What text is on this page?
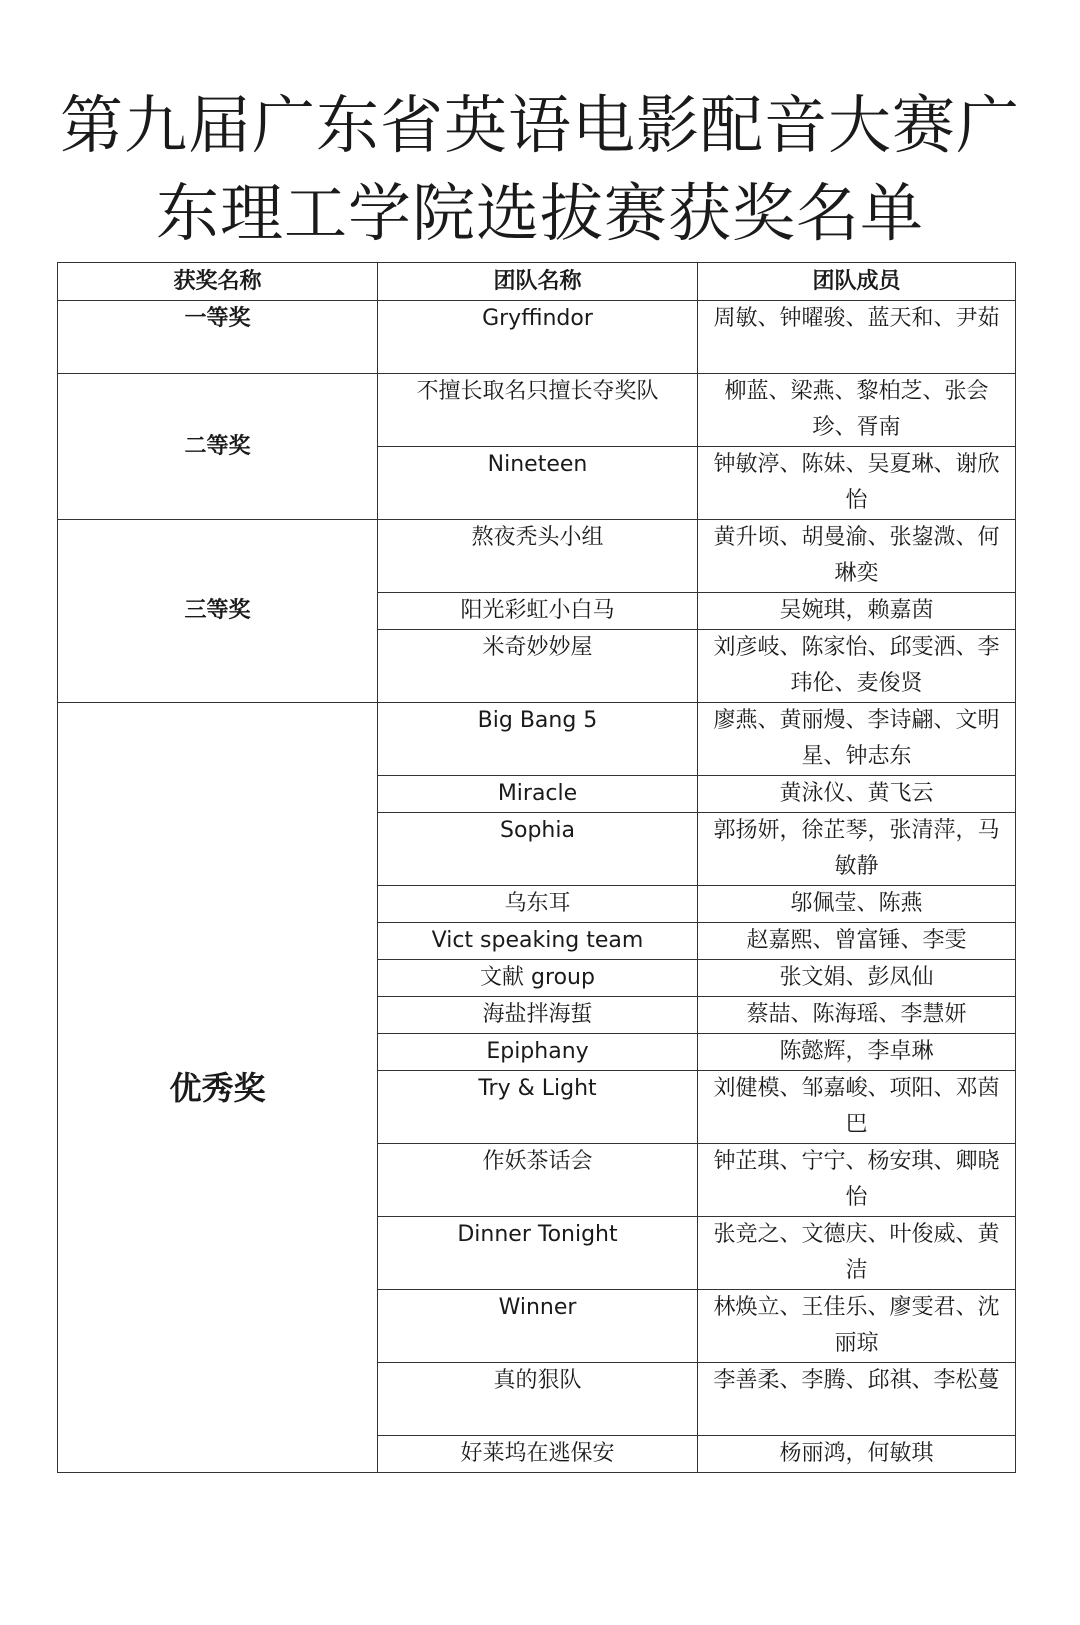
第九届广东省英语电影配音大赛广
东理工学院选拔赛获奖名单
获奖名称	团队名称	团队成员
一等奖	Gryffindor	周敏、钟曜骏、蓝天和、尹茹
二等奖	不擅长取名只擅长夺奖队	柳蓝、梁燕、黎柏芝、张会珍、胥南
	Nineteen	钟敏渟、陈妹、吴夏琳、谢欣怡
三等奖	熬夜秃头小组	黄升顷、胡曼渝、张鋆溦、何琳奕
	阳光彩虹小白马	吴婉琪，赖嘉茵
	米奇妙妙屋	刘彦岐、陈家怡、邱雯洒、李玮伦、麦俊贤
优秀奖	Big Bang 5	廖燕、黄丽熳、李诗翩、文明星、钟志东
	Miracle	黄泳仪、黄飞云
	Sophia	郭扬妍，徐芷琴，张清萍，马敏静
	乌东耳	邬佩莹、陈燕
	Vict speaking team	赵嘉熙、曾富锤、李雯
	文献 group	张文娟、彭凤仙
	海盐拌海蜇	蔡喆、陈海瑶、李慧妍
	Epiphany	陈懿辉，李卓琳
	Try & Light	刘健模、邹嘉峻、项阳、邓茵巴
	作妖茶话会	钟芷琪、宁宁、杨安琪、卿晓怡
	Dinner Tonight	张竞之、文德庆、叶俊威、黄洁
	Winner	林焕立、王佳乐、廖雯君、沈丽琼
	真的狠队	李善柔、李腾、邱祺、李松蔓
	好莱坞在逃保安	杨丽鸿，何敏琪
